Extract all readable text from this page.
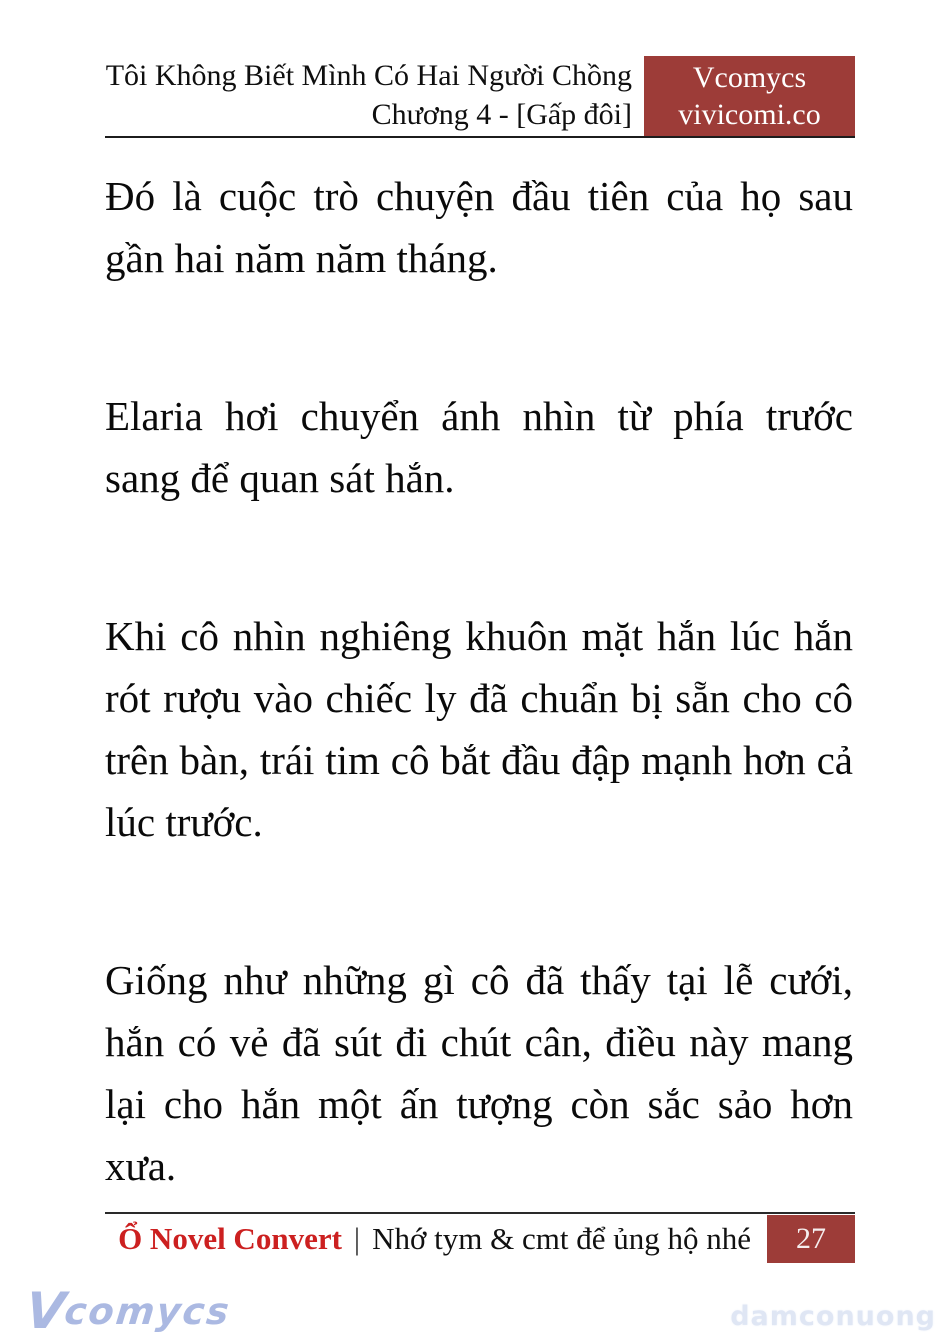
Tôi Không Biết Mình Có Hai Người Chồng
Chương 4 - [Gấp đôi]
Vcomycs
vivicomi.co

Đó là cuộc trò chuyện đầu tiên của họ sau gần hai năm năm tháng.

Elaria hơi chuyển ánh nhìn từ phía trước sang để quan sát hắn.

Khi cô nhìn nghiêng khuôn mặt hắn lúc hắn rót rượu vào chiếc ly đã chuẩn bị sẵn cho cô trên bàn, trái tim cô bắt đầu đập mạnh hơn cả lúc trước.

Giống như những gì cô đã thấy tại lễ cưới, hắn có vẻ đã sút đi chút cân, điều này mang lại cho hắn một ấn tượng còn sắc sảo hơn xưa.

Ổ Novel Convert | Nhớ tym & cmt để ủng hộ nhé 27
Vcomycs	damconuong
